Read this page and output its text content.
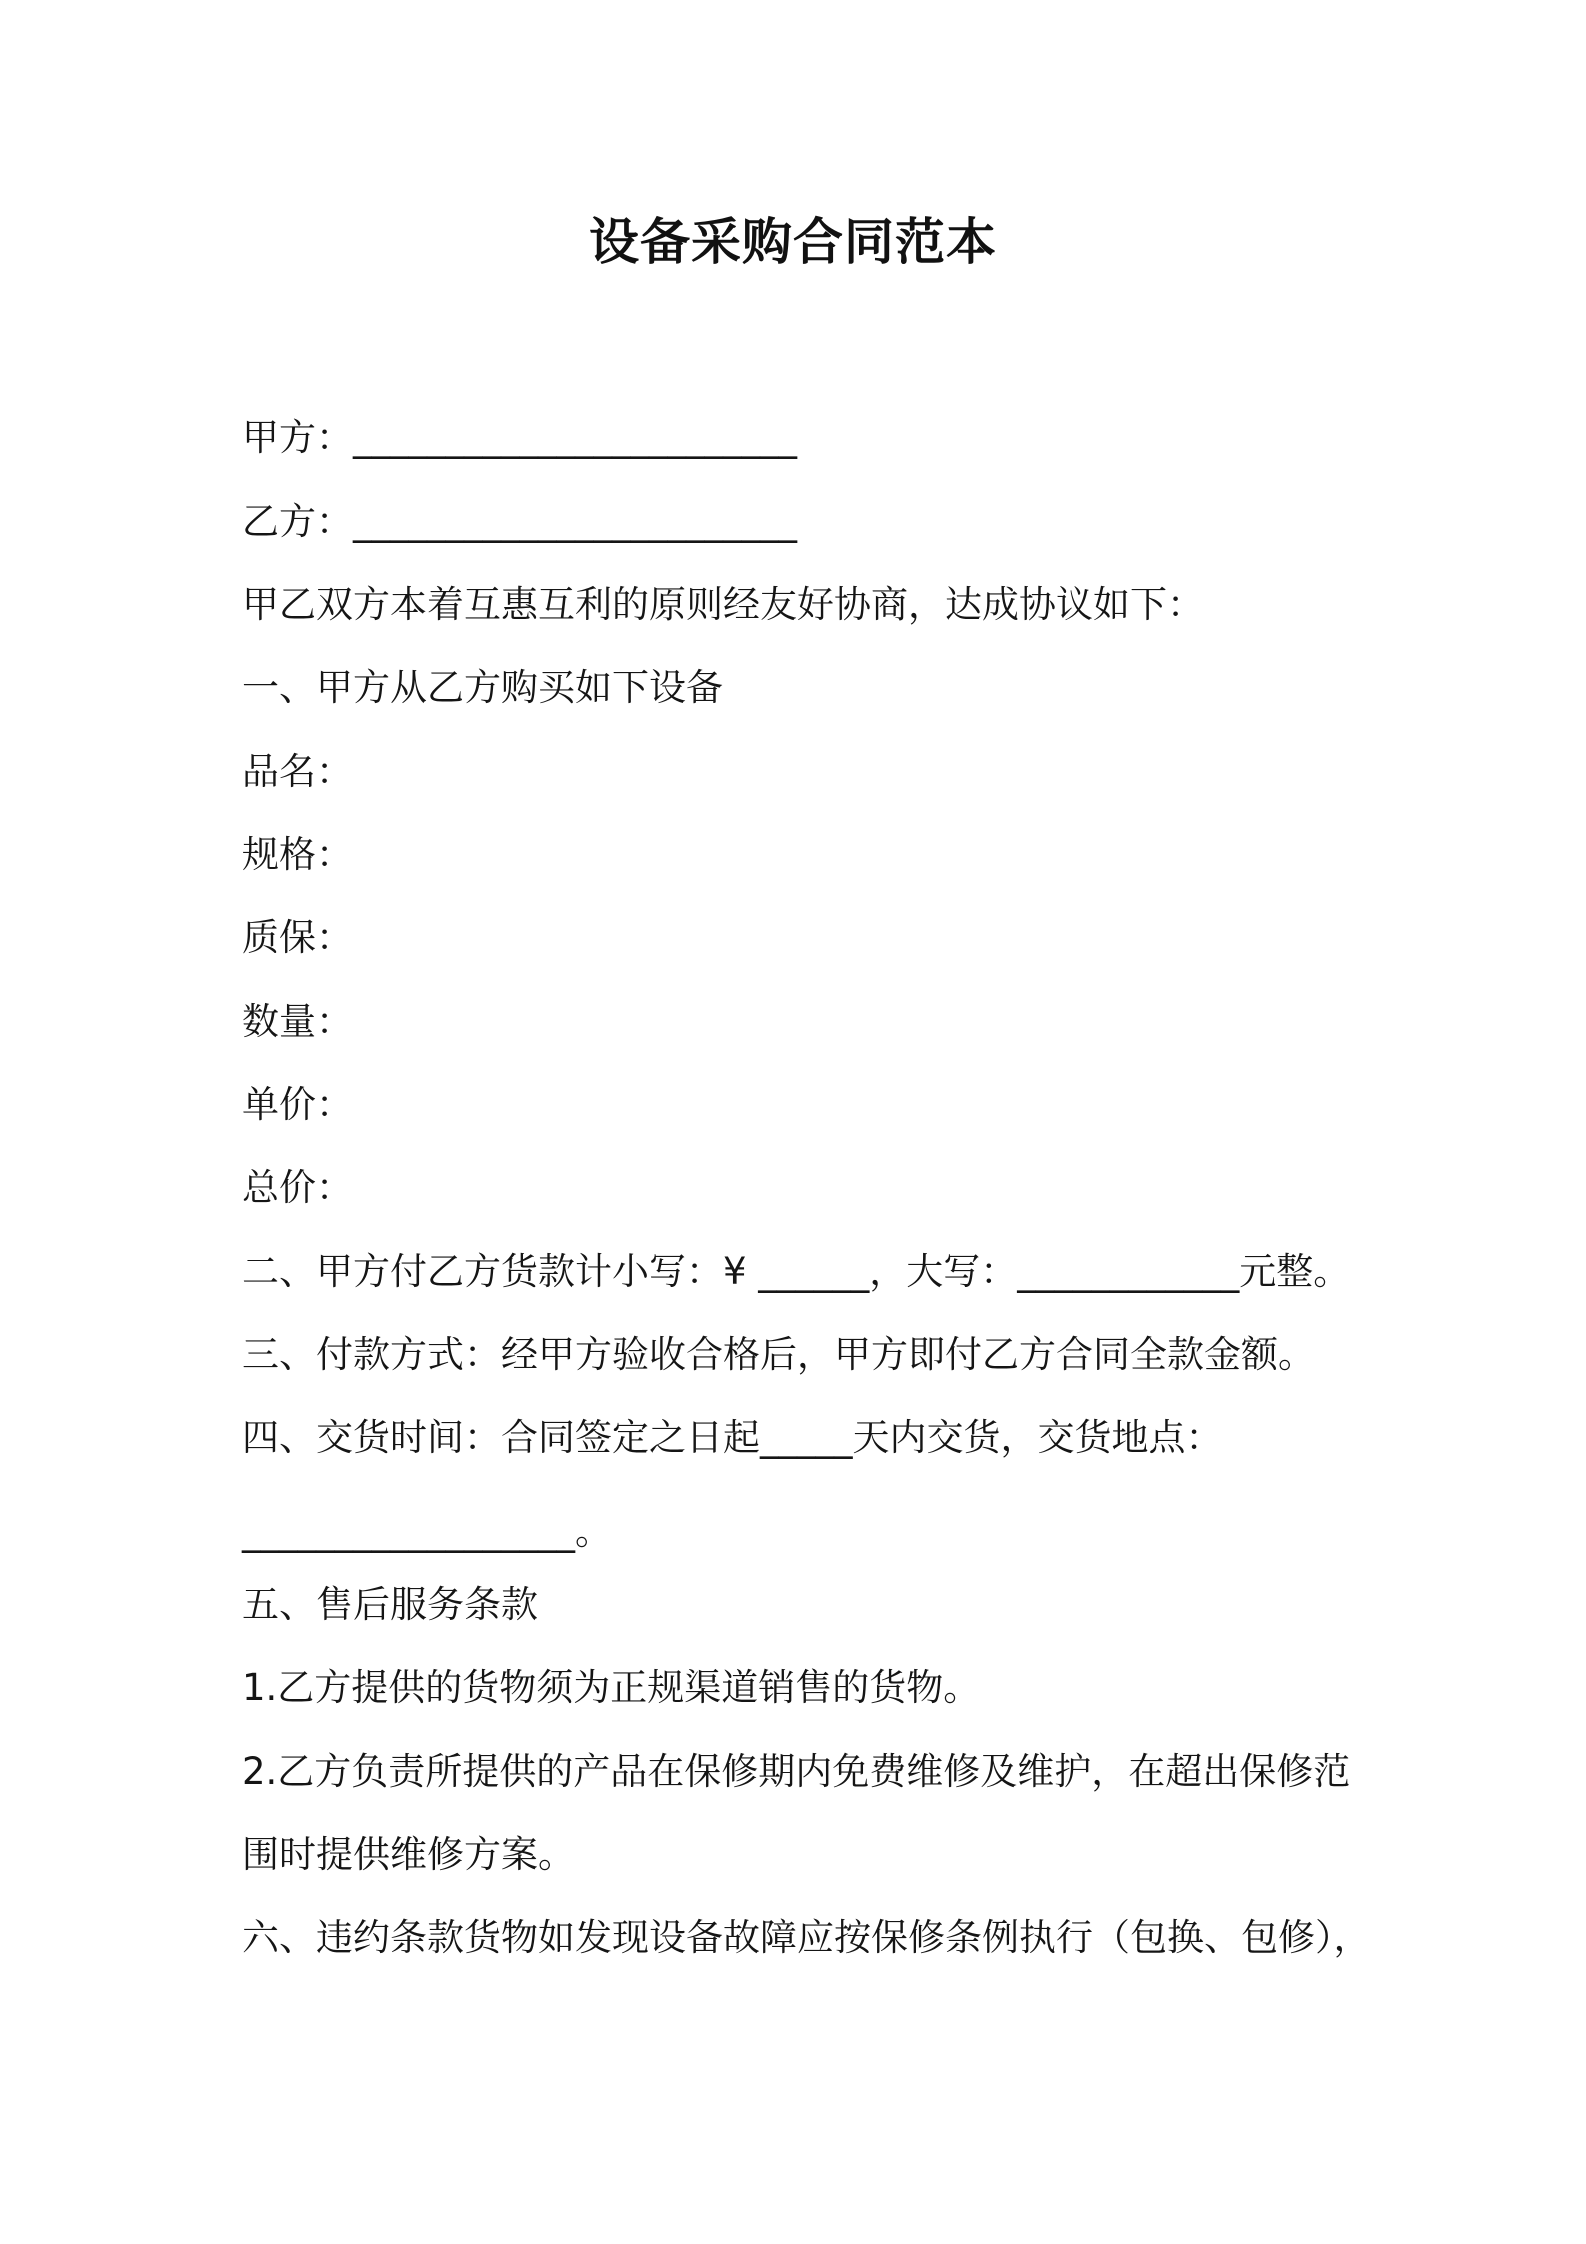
设备采购合同范本
甲方：________________________
乙方：________________________
甲乙双方本着互惠互利的原则经友好协商，达成协议如下：
一、甲方从乙方购买如下设备
品名：
规格：
质保：
数量：
单价：
总价：
二、甲方付乙方货款计小写：¥ ______，大写：____________元整。
三、付款方式：经甲方验收合格后，甲方即付乙方合同全款金额。
四、交货时间：合同签定之日起_____天内交货，交货地点：
__________________。
五、售后服务条款
1.乙方提供的货物须为正规渠道销售的货物。
2.乙方负责所提供的产品在保修期内免费维修及维护，在超出保修范
围时提供维修方案。
六、违约条款货物如发现设备故障应按保修条例执行（包换、包修），
